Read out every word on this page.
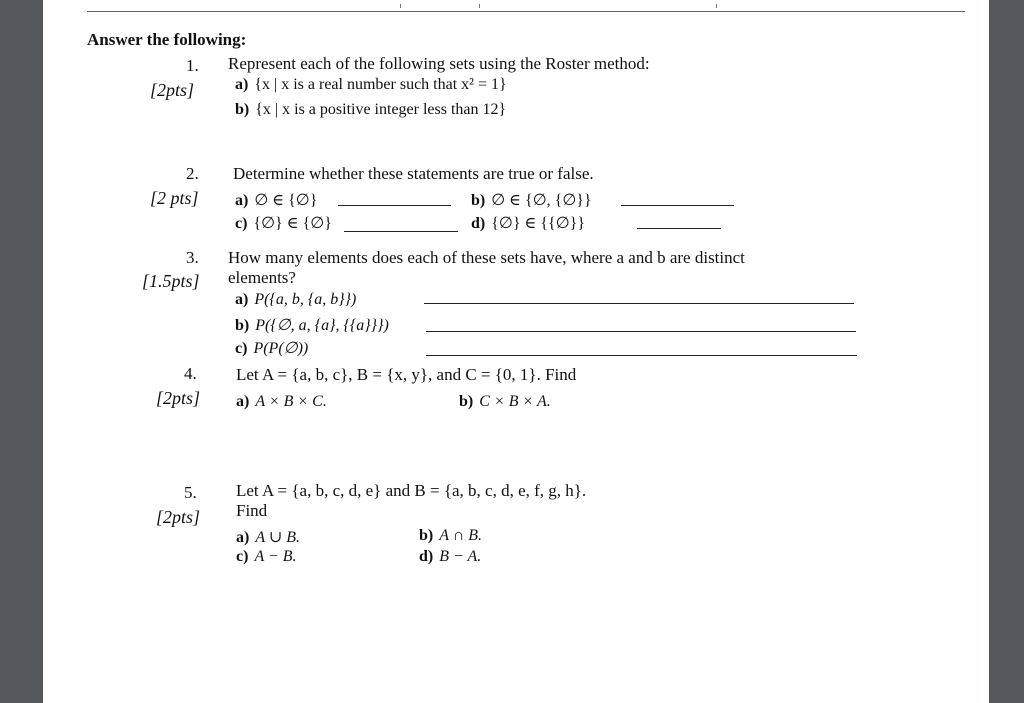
Answer the following:
1.
[2pts]
Represent each of the following sets using the Roster method:
a) {x | x is a real number such that x² = 1}
b) {x | x is a positive integer less than 12}
2.
[2 pts]
Determine whether these statements are true or false.
a) ∅ ∈ {∅}	b) ∅ ∈ {∅, {∅}}
c) {∅} ∈ {∅}	d) {∅} ∈ {{∅}}
3.
[1.5pts]
How many elements does each of these sets have, where a and b are distinct
elements?
a) P({a, b, {a, b}})
b) P({∅, a, {a}, {{a}}})
c) P(P(∅))
4.
[2pts]
Let A = {a, b, c}, B = {x, y}, and C = {0, 1}. Find
a) A × B × C.	b) C × B × A.
5.
[2pts]
Let A = {a, b, c, d, e} and B = {a, b, c, d, e, f, g, h}.
Find
a) A ∪ B.	b) A ∩ B.
c) A − B.	d) B − A.
